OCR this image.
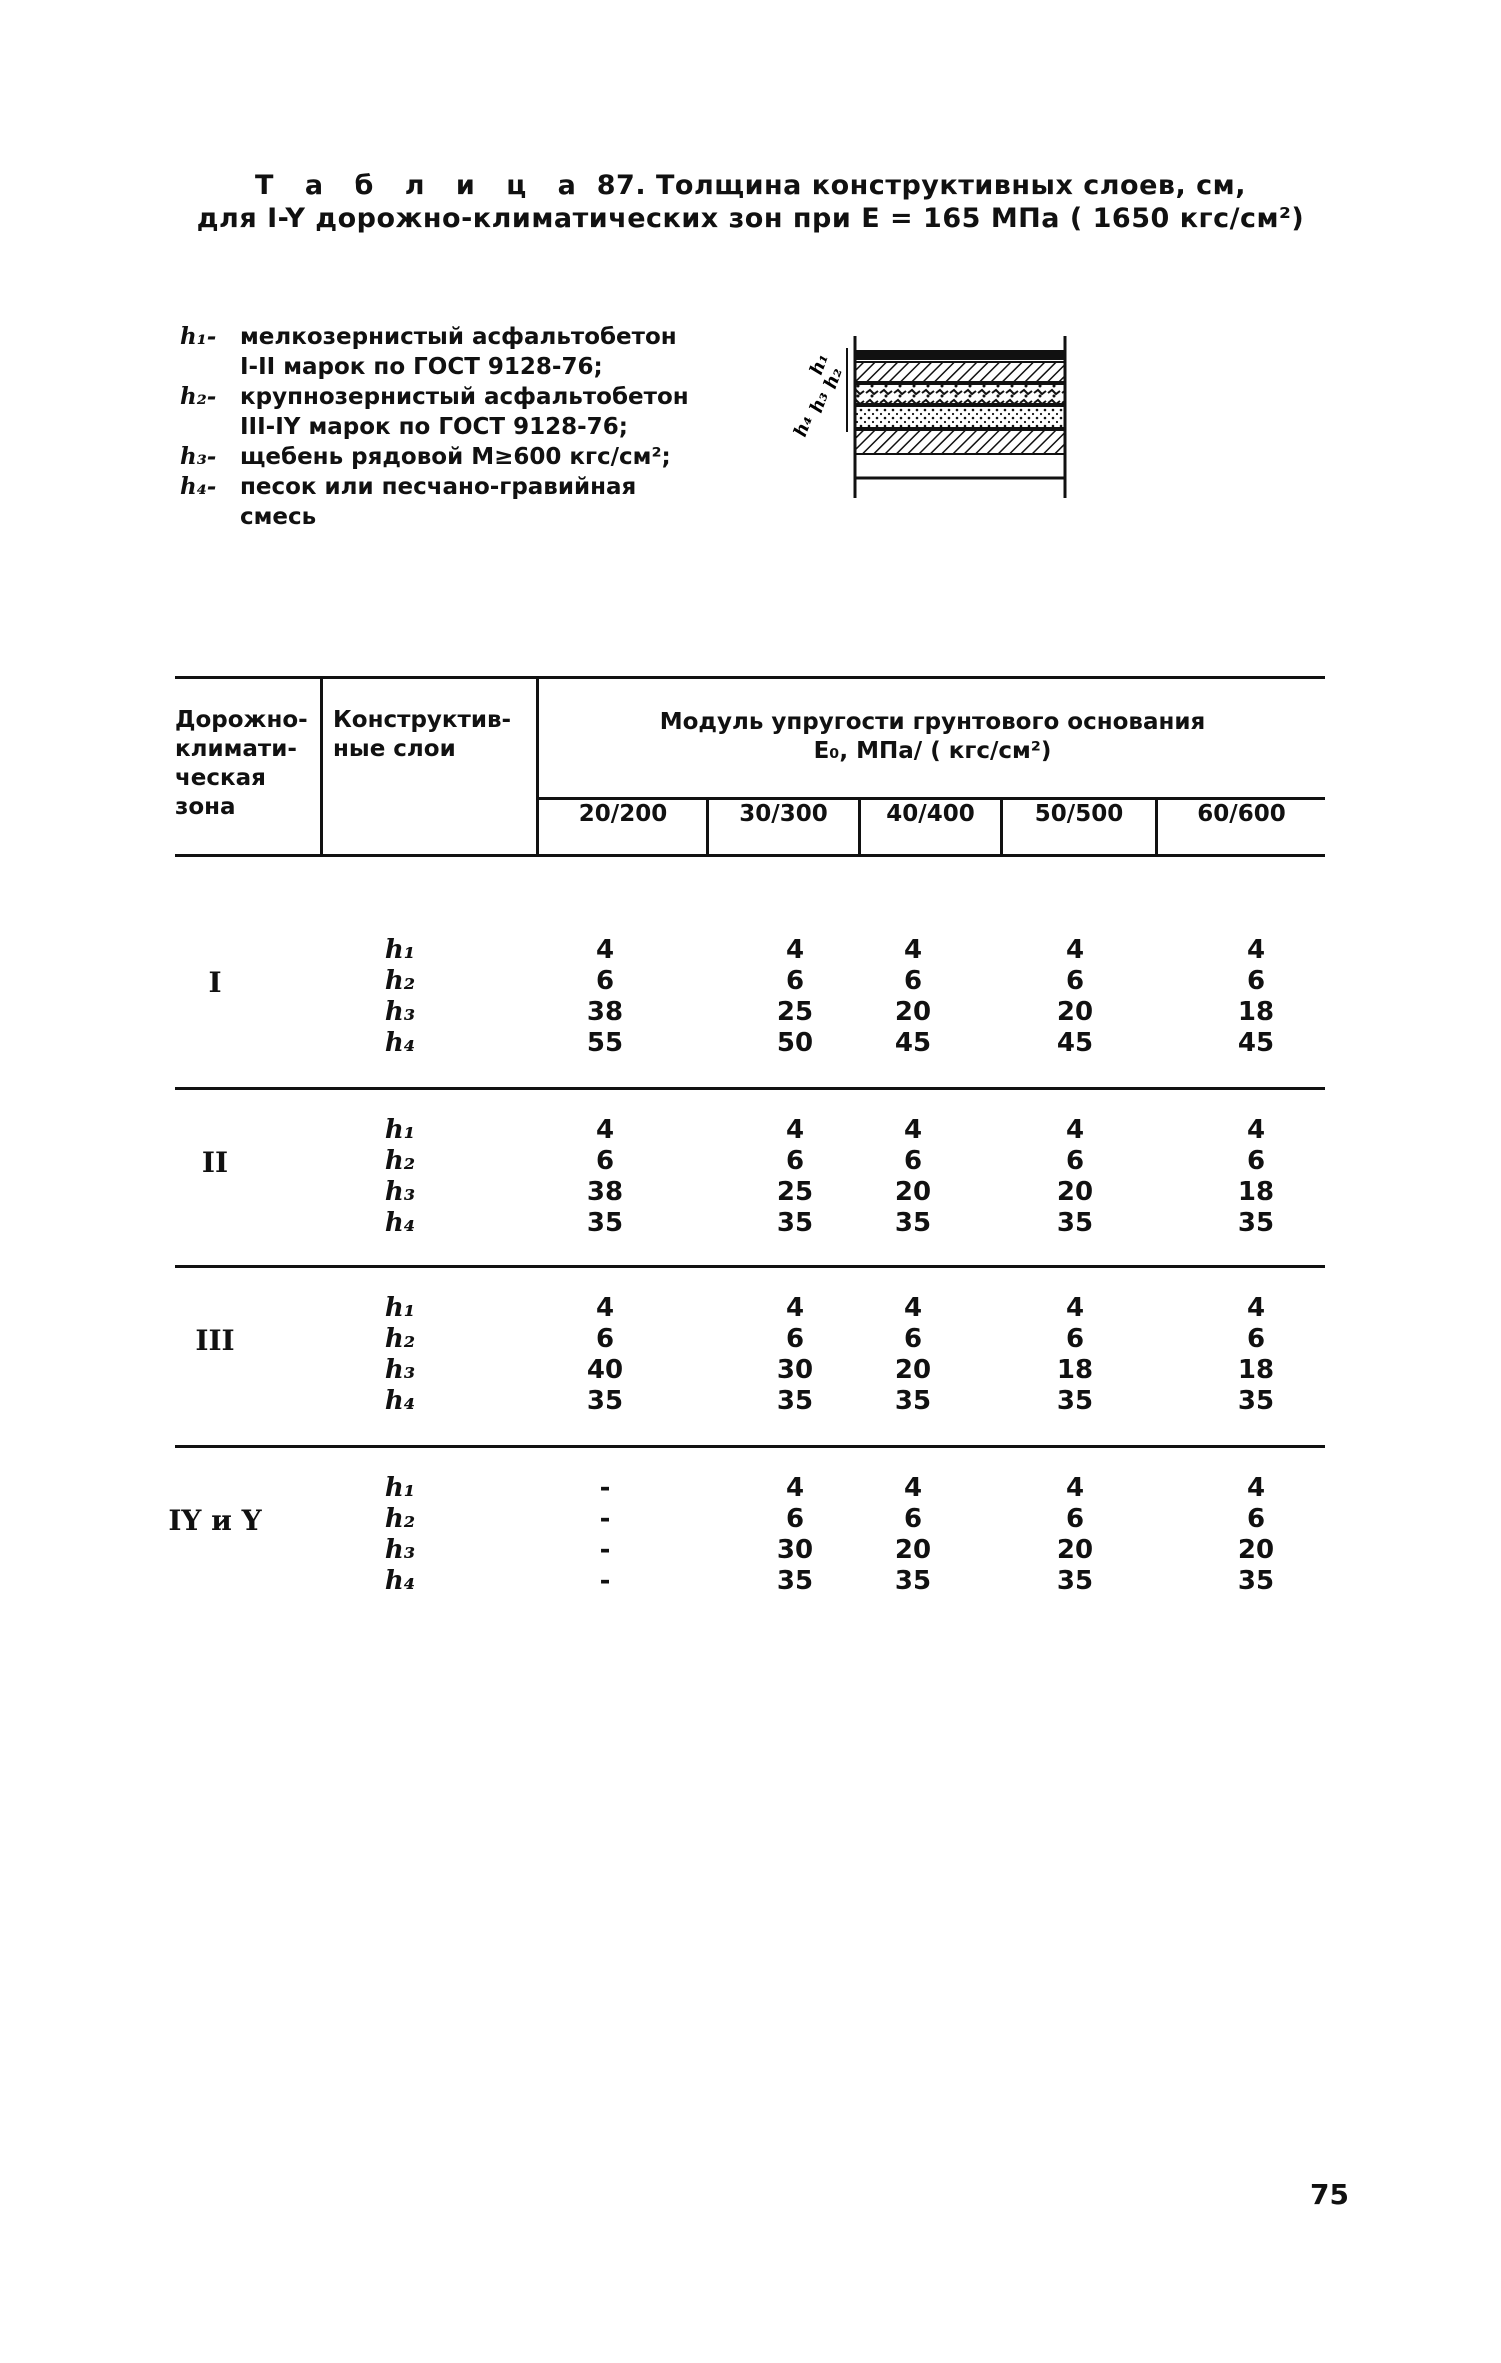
Т а б л и ц а 87. Толщина конструктивных слоев, см,
для I-Y дорожно-климатических зон при E = 165 МПа ( 1650 кгс/см²)
h₁-	мелкозернистый асфальтобетон
I-II марок по ГОСТ 9128-76;
h₂-	крупнозернистый асфальтобетон
III-IY марок по ГОСТ 9128-76;
h₃-	щебень рядовой М≥600 кгс/см²;
h₄-	песок или песчано-гравийная
смесь
h₁
h₂
h₃
h₄
Дорожно-
климати-
ческая
зона
Конструктив-
ные слои
Модуль упругости грунтового основания
E₀, МПа/ ( кгс/см²)
20/200	30/300	40/400	50/500	60/600
I
h₁	4	4	4	4	4
h₂	6	6	6	6	6
h₃	38	25	20	20	18
h₄	55	50	45	45	45
II
h₁	4	4	4	4	4
h₂	6	6	6	6	6
h₃	38	25	20	20	18
h₄	35	35	35	35	35
III
h₁	4	4	4	4	4
h₂	6	6	6	6	6
h₃	40	30	20	18	18
h₄	35	35	35	35	35
IY и Y
h₁	-	4	4	4	4
h₂	-	6	6	6	6
h₃	-	30	20	20	20
h₄	-	35	35	35	35
75
